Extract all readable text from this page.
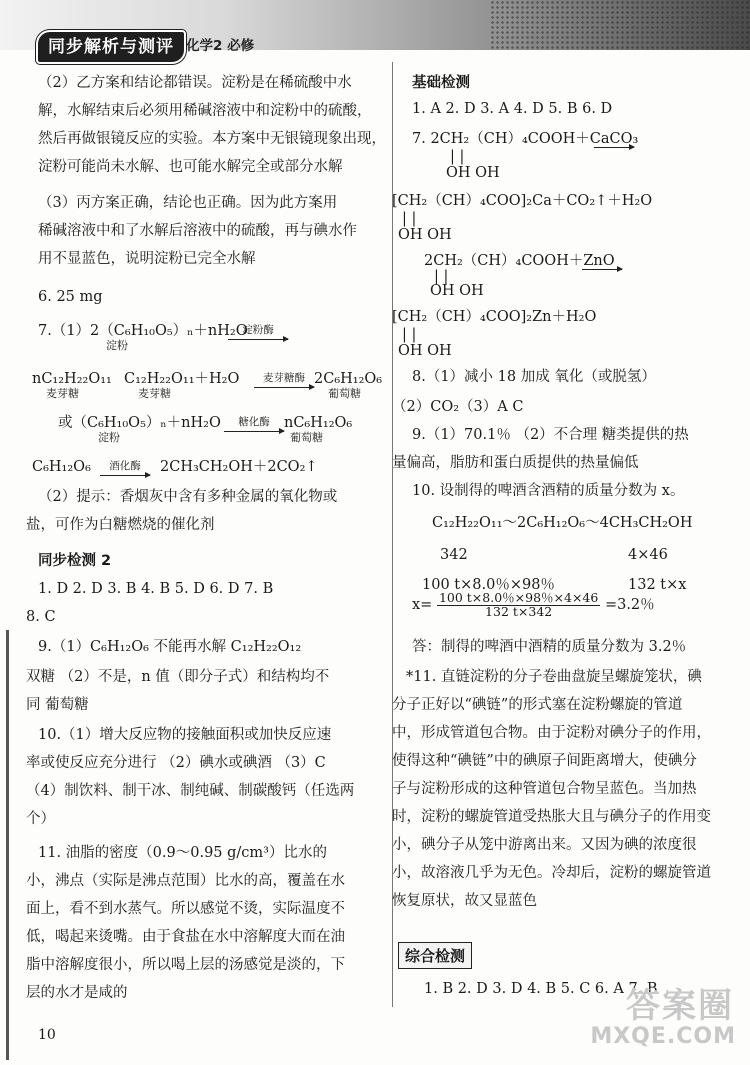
同步解析与测评 化学2 必修
（2）乙方案和结论都错误。淀粉是在稀硫酸中水
解，水解结束后必须用稀碱溶液中和淀粉中的硫酸，
然后再做银镜反应的实验。本方案中无银镜现象出现，
淀粉可能尚未水解、也可能水解完全或部分水解
（3）丙方案正确，结论也正确。因为此方案用
稀碱溶液中和了水解后溶液中的硫酸，再与碘水作
用不显蓝色，说明淀粉已完全水解
6. 25 mg
7.（1）2（C₆H₁₀O₅）ₙ＋nH₂O
淀粉
nC₁₂H₂₂O₁₁
麦芽糖
C₁₂H₂₂O₁₁＋H₂O
麦芽糖
2C₆H₁₂O₆
葡萄糖
或（C₆H₁₀O₅）ₙ＋nH₂O
淀粉
nC₆H₁₂O₆
葡萄糖
C₆H₁₂O₆	2CH₃CH₂OH＋2CO₂↑
（2）提示：香烟灰中含有多种金属的氧化物或
盐，可作为白糖燃烧的催化剂
同步检测 2
1. D 2. D 3. B 4. B 5. D 6. D 7. B
8. C
9.（1）C₆H₁₂O₆ 不能再水解 C₁₂H₂₂O₁₂
双糖 （2）不是，n 值（即分子式）和结构均不
同 葡萄糖
10.（1）增大反应物的接触面积或加快反应速
率或使反应充分进行 （2）碘水或碘酒 （3）C
（4）制饮料、制干冰、制纯碱、制碳酸钙（任选两
个）
11. 油脂的密度（0.9～0.95 g/cm³）比水的
小，沸点（实际是沸点范围）比水的高，覆盖在水
面上，看不到水蒸气。所以感觉不烫，实际温度不
低，喝起来烫嘴。由于食盐在水中溶解度大而在油
脂中溶解度很小，所以喝上层的汤感觉是淡的，下
层的水才是咸的
基础检测
1. A 2. D 3. A 4. D 5. B 6. D
7. 2CH₂（CH）₄COOH＋CaCO₃
| |
OH OH
[CH₂（CH）₄COO]₂Ca＋CO₂↑＋H₂O
| |
OH OH
2CH₂（CH）₄COOH＋ZnO
| |
OH OH
[CH₂（CH）₄COO]₂Zn＋H₂O
| |
OH OH
8.（1）减小 18 加成 氧化（或脱氢）
（2）CO₂（3）A C
9.（1）70.1％ （2）不合理 糖类提供的热
量偏高，脂肪和蛋白质提供的热量偏低
10. 设制得的啤酒含酒精的质量分数为 x。
C₁₂H₂₂O₁₁～2C₆H₁₂O₆～4CH₃CH₂OH
342	4×46
100 t×8.0％×98％	132 t×x
答：制得的啤酒中酒精的质量分数为 3.2％
*11. 直链淀粉的分子卷曲盘旋呈螺旋笼状，碘
分子正好以“碘链”的形式塞在淀粉螺旋的管道
中，形成管道包合物。由于淀粉对碘分子的作用，
使得这种“碘链”中的碘原子间距离增大，使碘分
子与淀粉形成的这种管道包合物呈蓝色。当加热
时，淀粉的螺旋管道受热胀大且与碘分子的作用变
小，碘分子从笼中游离出来。又因为碘的浓度很
小，故溶液几乎为无色。冷却后，淀粉的螺旋管道
恢复原状，故又显蓝色
1. B 2. D 3. D 4. B 5. C 6. A 7. B
淀粉酶
麦芽糖酶
糖化酶
酒化酶
$x= \frac{100 t\times 8.0\%\times 98\%\times 4\times 46}{132 t\times 342} =3.2$％
综合检测
10
答案圈
MXQE.COM
